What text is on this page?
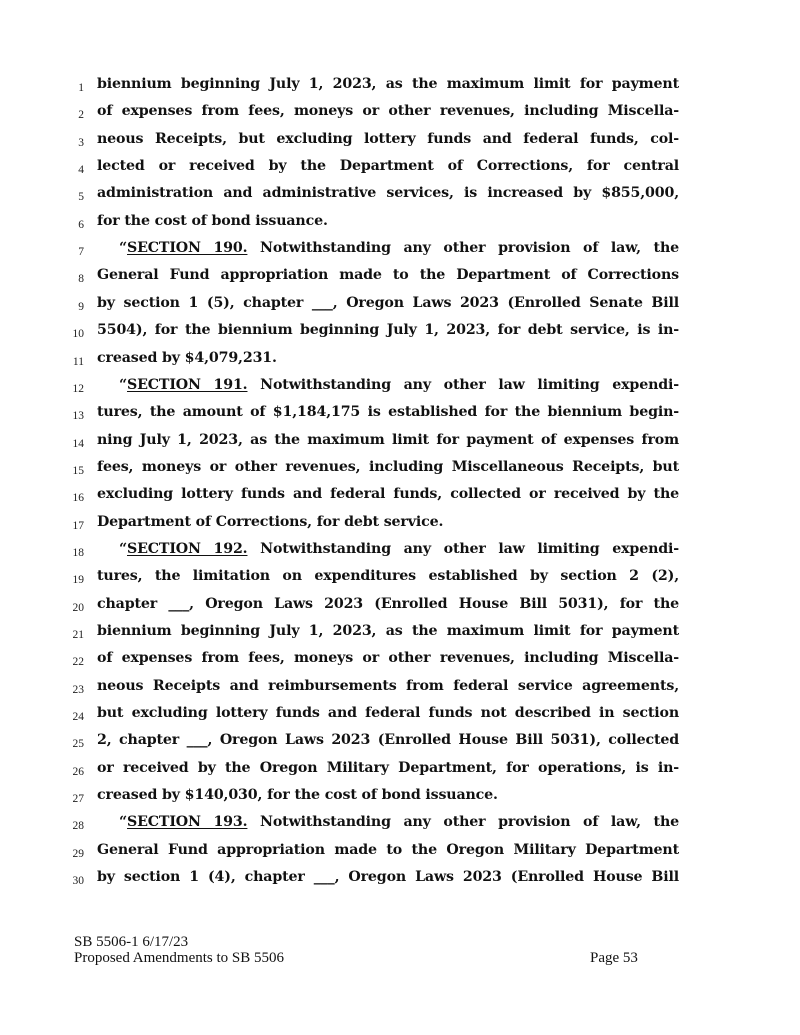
1 biennium beginning July 1, 2023, as the maximum limit for payment
2 of expenses from fees, moneys or other revenues, including Miscella-
3 neous Receipts, but excluding lottery funds and federal funds, col-
4 lected or received by the Department of Corrections, for central
5 administration and administrative services, is increased by $855,000,
6 for the cost of bond issuance.
7 “SECTION 190. Notwithstanding any other provision of law, the
8 General Fund appropriation made to the Department of Corrections
9 by section 1 (5), chapter ___, Oregon Laws 2023 (Enrolled Senate Bill
10 5504), for the biennium beginning July 1, 2023, for debt service, is in-
11 creased by $4,079,231.
12 “SECTION 191. Notwithstanding any other law limiting expendi-
13 tures, the amount of $1,184,175 is established for the biennium begin-
14 ning July 1, 2023, as the maximum limit for payment of expenses from
15 fees, moneys or other revenues, including Miscellaneous Receipts, but
16 excluding lottery funds and federal funds, collected or received by the
17 Department of Corrections, for debt service.
18 “SECTION 192. Notwithstanding any other law limiting expendi-
19 tures, the limitation on expenditures established by section 2 (2),
20 chapter ___, Oregon Laws 2023 (Enrolled House Bill 5031), for the
21 biennium beginning July 1, 2023, as the maximum limit for payment
22 of expenses from fees, moneys or other revenues, including Miscella-
23 neous Receipts and reimbursements from federal service agreements,
24 but excluding lottery funds and federal funds not described in section
25 2, chapter ___, Oregon Laws 2023 (Enrolled House Bill 5031), collected
26 or received by the Oregon Military Department, for operations, is in-
27 creased by $140,030, for the cost of bond issuance.
28 “SECTION 193. Notwithstanding any other provision of law, the
29 General Fund appropriation made to the Oregon Military Department
30 by section 1 (4), chapter ___, Oregon Laws 2023 (Enrolled House Bill
SB 5506-1 6/17/23
Proposed Amendments to SB 5506	Page 53
